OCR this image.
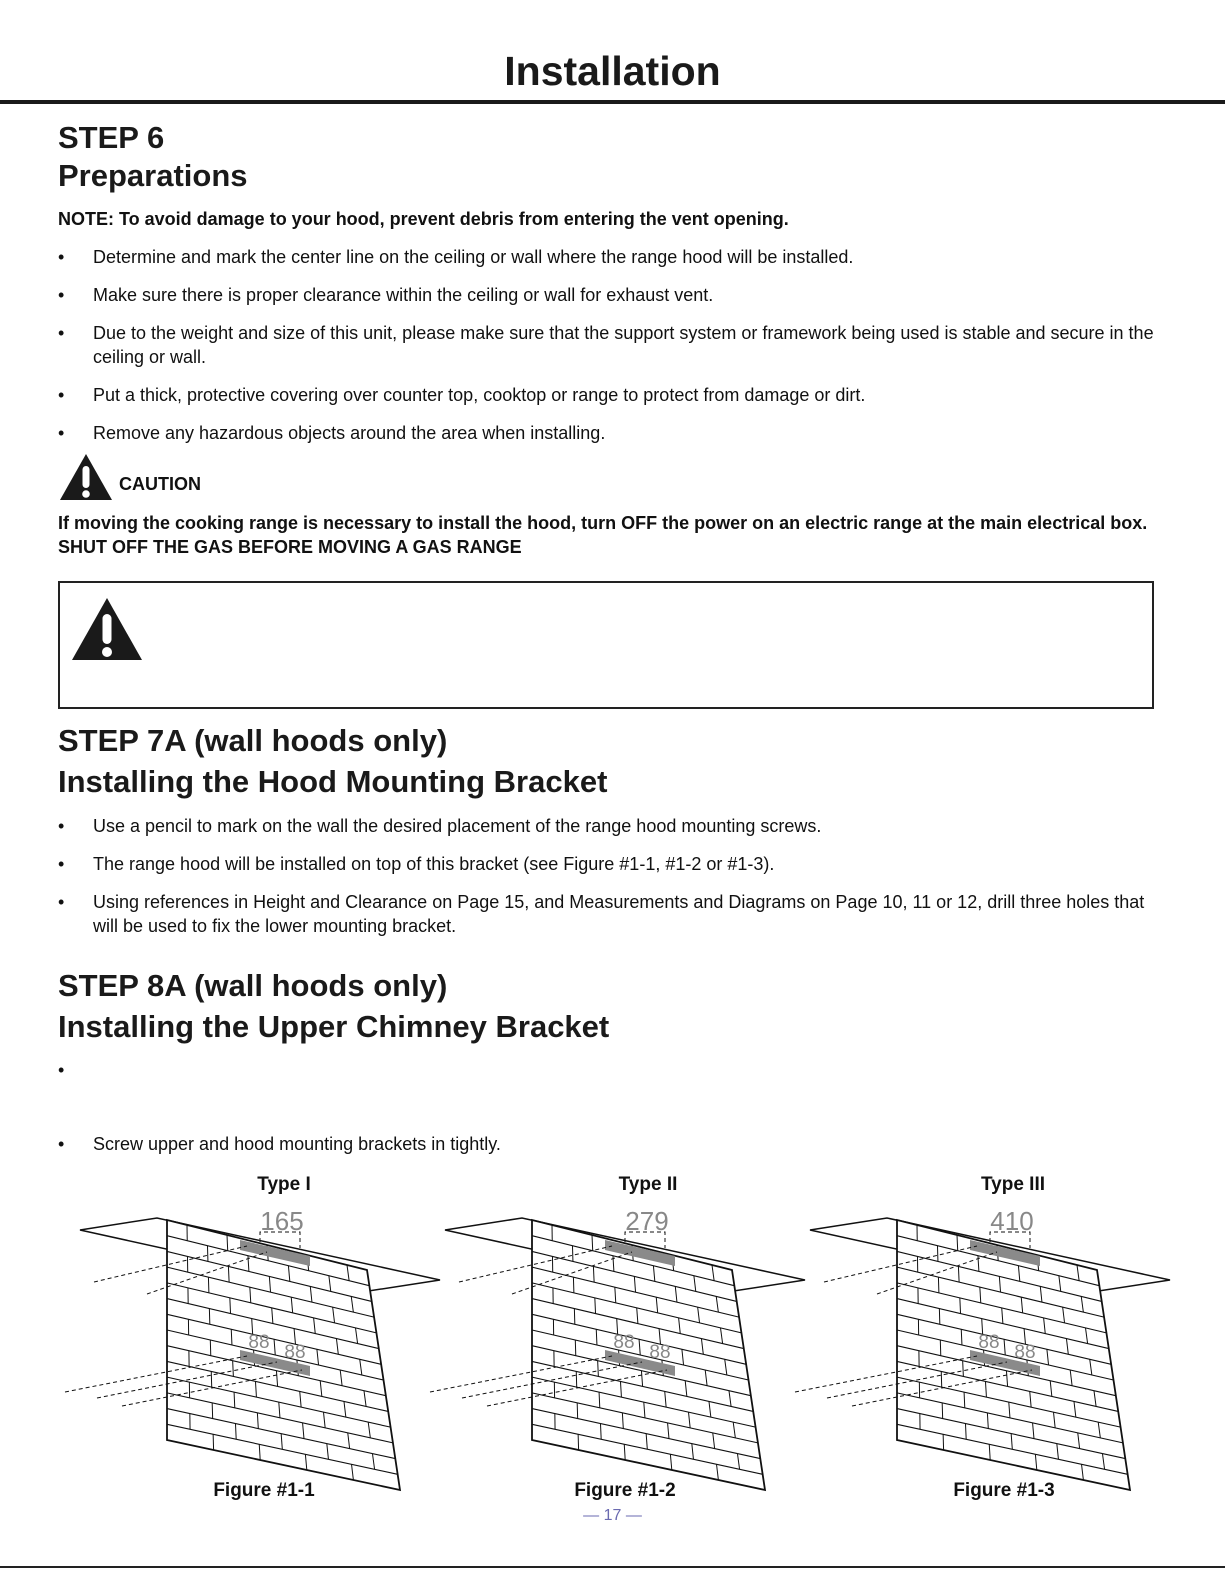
Installation
STEP 6
Preparations
NOTE: To avoid damage to your hood, prevent debris from entering the vent opening.
• Determine and mark the center line on the ceiling or wall where the range hood will be installed.
• Make sure there is proper clearance within the ceiling or wall for exhaust vent.
• Due to the weight and size of this unit, please make sure that the support system or framework being used is stable and secure in the ceiling or wall.
• Put a thick, protective covering over counter top, cooktop or range to protect from damage or dirt.
• Remove any hazardous objects around the area when installing.
CAUTION
If moving the cooking range is necessary to install the hood, turn OFF the power on an electric range at the main electrical box. SHUT OFF THE GAS BEFORE MOVING A GAS RANGE
STEP 7A (wall hoods only)
Installing the Hood Mounting Bracket
• Use a pencil to mark on the wall the desired placement of the range hood mounting screws.
• The range hood will be installed on top of this bracket (see Figure #1-1, #1-2 or #1-3).
• Using references in Height and Clearance on Page 15, and Measurements and Diagrams on Page 10, 11 or 12, drill three holes that will be used to fix the lower mounting bracket.
STEP 8A (wall hoods only)
Installing the Upper Chimney Bracket
•
• Screw upper and hood mounting brackets in tightly.
Type I	Type II	Type III
165
88 88
279
88 88
410
88 88
Figure #1-1	Figure #1-2	Figure #1-3
— 17 —
